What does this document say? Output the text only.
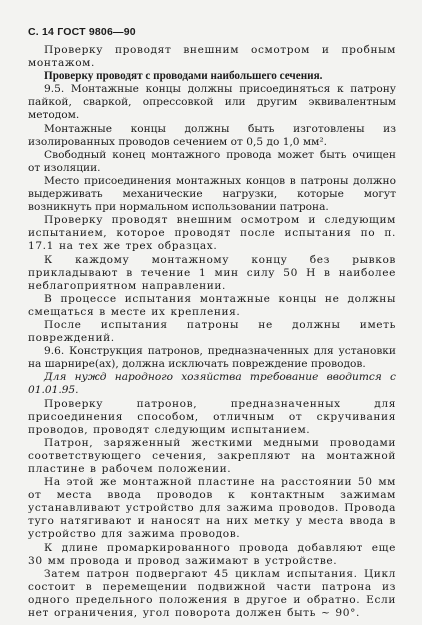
С. 14 ГОСТ 9806—90

Проверку проводят внешним осмотром и пробным монтажом.

Проверку проводят с проводами наибольшего сечения.

9.5. Монтажные концы должны присоединяться к патрону пайкой, сваркой, опрессовкой или другим эквивалентным методом.

Монтажные концы должны быть изготовлены из изолированных проводов сечением от 0,5 до 1,0 мм².

Свободный конец монтажного провода может быть очищен от изоляции.

Место присоединения монтажных концов в патроны должно выдерживать механические нагрузки, которые могут возникнуть при нормальном использовании патрона.

Проверку проводят внешним осмотром и следующим испытанием, которое проводят после испытания по п. 17.1 на тех же трех образцах.

К каждому монтажному концу без рывков прикладывают в течение 1 мин силу 50 Н в наиболее неблагоприятном направлении.

В процессе испытания монтажные концы не должны смещаться в месте их крепления.

После испытания патроны не должны иметь повреждений.

9.6. Конструкция патронов, предназначенных для установки на шарнире(ах), должна исключать повреждение проводов.

Для нужд народного хозяйства требование вводится с 01.01.95.

Проверку патронов, предназначенных для присоединения способом, отличным от скручивания проводов, проводят следующим испытанием.

Патрон, заряженный жесткими медными проводами соответствующего сечения, закрепляют на монтажной пластине в рабочем положении.

На этой же монтажной пластине на расстоянии 50 мм от места ввода проводов к контактным зажимам устанавливают устройство для зажима проводов. Провода туго натягивают и наносят на них метку у места ввода в устройство для зажима проводов.

К длине промаркированного провода добавляют еще 30 мм провода и провод зажимают в устройстве.

Затем патрон подвергают 45 циклам испытания. Цикл состоит в перемещении подвижной части патрона из одного предельного положения в другое и обратно. Если нет ограничения, угол поворота должен быть ~ 90°.
